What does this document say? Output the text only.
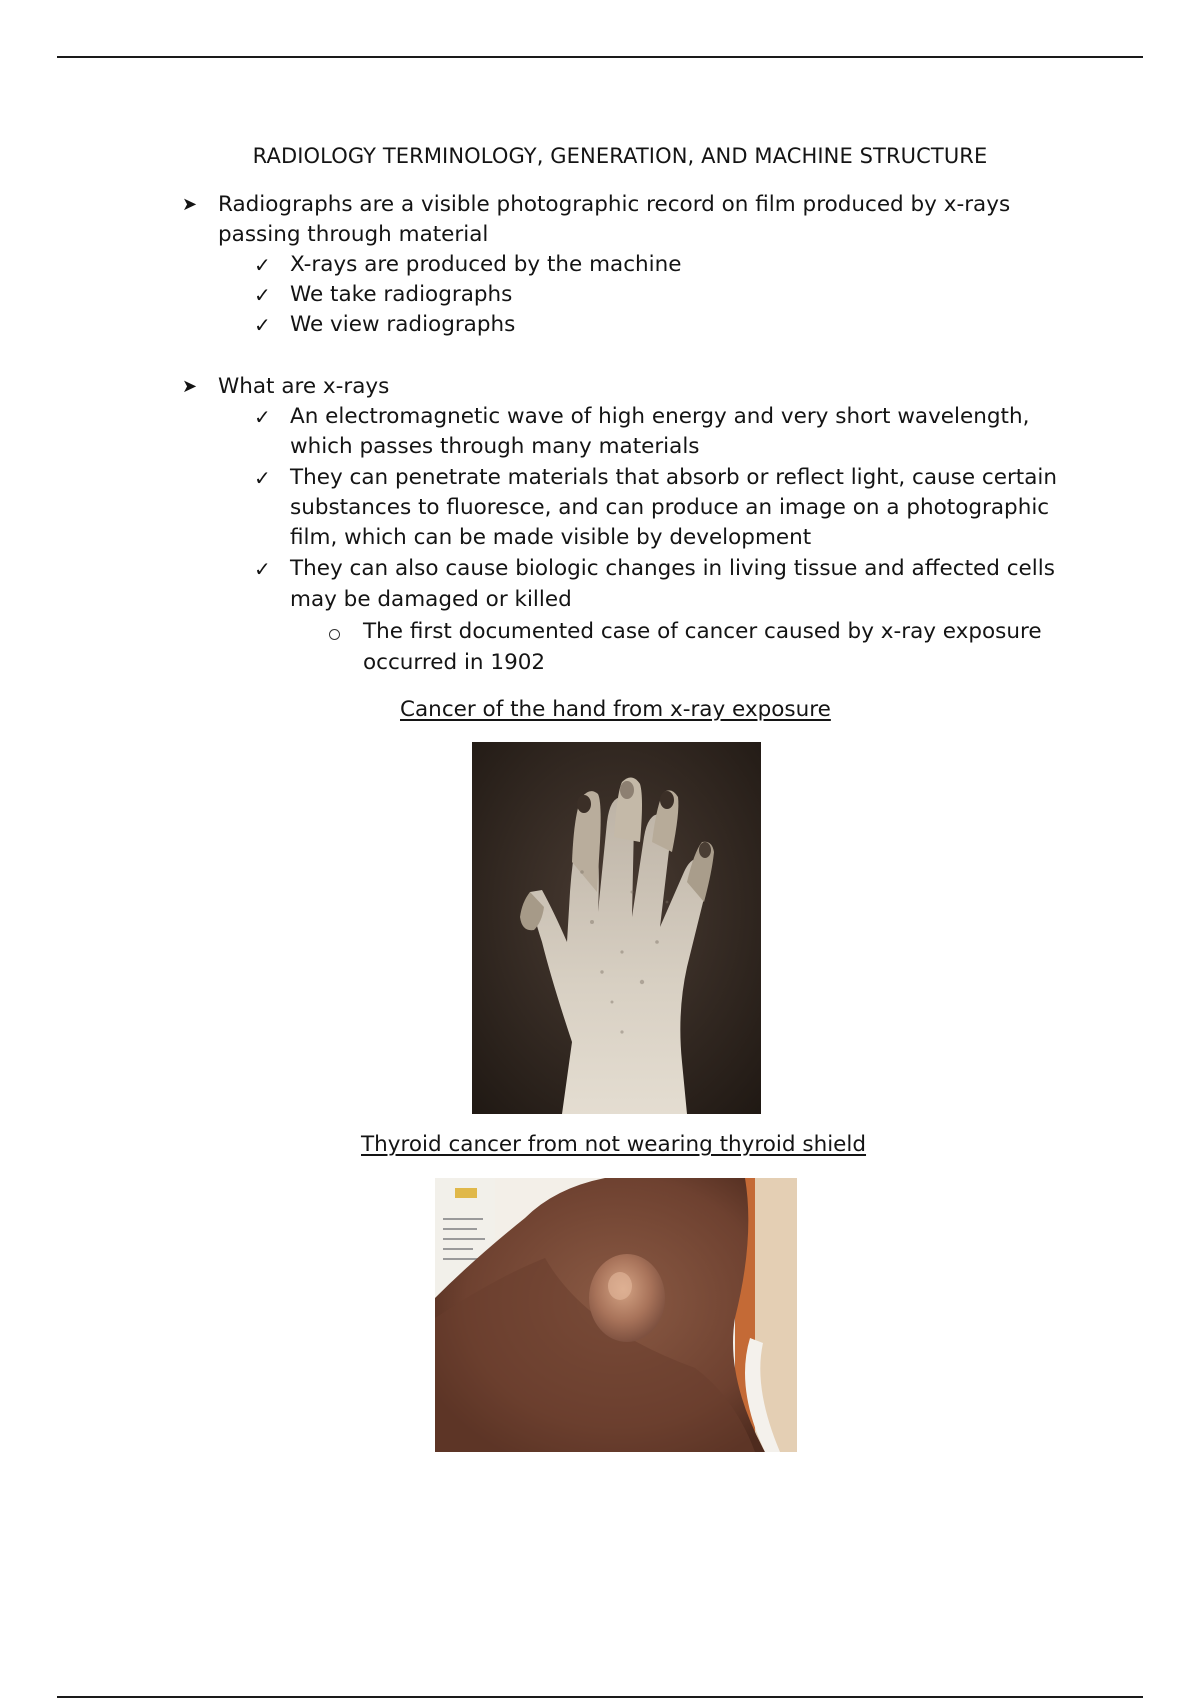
RADIOLOGY TERMINOLOGY, GENERATION, AND MACHINE STRUCTURE
➤ Radiographs are a visible photographic record on film produced by x-rays
passing through material
✓ X-rays are produced by the machine
✓ We take radiographs
✓ We view radiographs
➤ What are x-rays
✓ An electromagnetic wave of high energy and very short wavelength,
which passes through many materials
✓ They can penetrate materials that absorb or reflect light, cause certain
substances to fluoresce, and can produce an image on a photographic
film, which can be made visible by development
✓ They can also cause biologic changes in living tissue and affected cells
may be damaged or killed
The first documented case of cancer caused by x-ray exposure
occurred in 1902
Cancer of the hand from x-ray exposure
Thyroid cancer from not wearing thyroid shield
